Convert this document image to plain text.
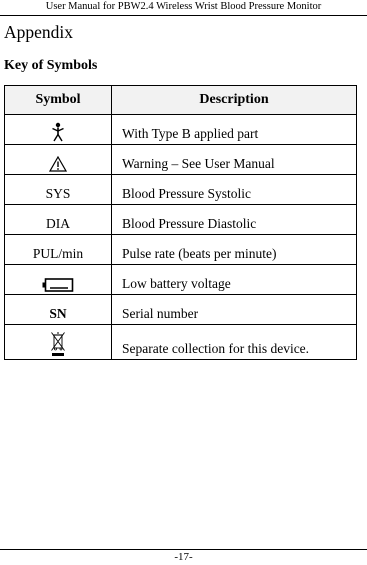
User Manual for PBW2.4 Wireless Wrist Blood Pressure Monitor
Appendix
Key of Symbols
Symbol	Description
	With Type B applied part
	Warning – See User Manual
SYS	Blood Pressure Systolic
DIA	Blood Pressure Diastolic
PUL/min	Pulse rate (beats per minute)
	Low battery voltage
SN	Serial number
	Separate collection for this device.
-17-
